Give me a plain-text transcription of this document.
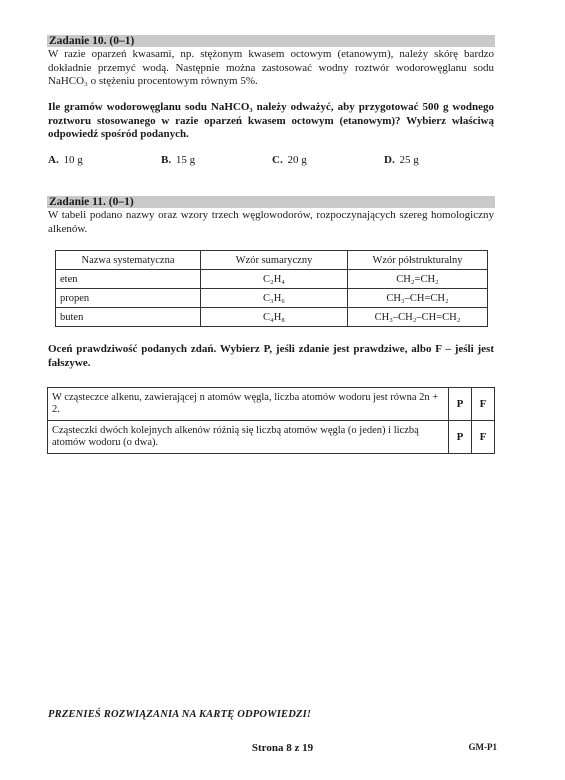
Zadanie 10. (0–1)
W razie oparzeń kwasami, np. stężonym kwasem octowym (etanowym), należy skórę bardzo dokładnie przemyć wodą. Następnie można zastosować wodny roztwór wodorowęglanu sodu NaHCO₃ o stężeniu procentowym równym 5%.
Ile gramów wodorowęglanu sodu NaHCO₃ należy odważyć, aby przygotować 500 g wodnego roztworu stosowanego w razie oparzeń kwasem octowym (etanowym)? Wybierz właściwą odpowiedź spośród podanych.
A. 10 g	B. 15 g	C. 20 g	D. 25 g
Zadanie 11. (0–1)
W tabeli podano nazwy oraz wzory trzech węglowodorów, rozpoczynających szereg homologiczny alkenów.
Nazwa systematyczna	Wzór sumaryczny	Wzór półstrukturalny
eten	C₂H₄	CH₂=CH₂
propen	C₃H₆	CH₃–CH=CH₂
buten	C₄H₈	CH₃–CH₂–CH=CH₂
Oceń prawdziwość podanych zdań. Wybierz P, jeśli zdanie jest prawdziwe, albo F – jeśli jest fałszywe.
W cząsteczce alkenu, zawierającej n atomów węgla, liczba atomów wodoru jest równa 2n + 2.	P	F
Cząsteczki dwóch kolejnych alkenów różnią się liczbą atomów węgla (o jeden) i liczbą atomów wodoru (o dwa).	P	F
PRZENIEŚ ROZWIĄZANIA NA KARTĘ ODPOWIEDZI!
Strona 8 z 19	GM-P1
